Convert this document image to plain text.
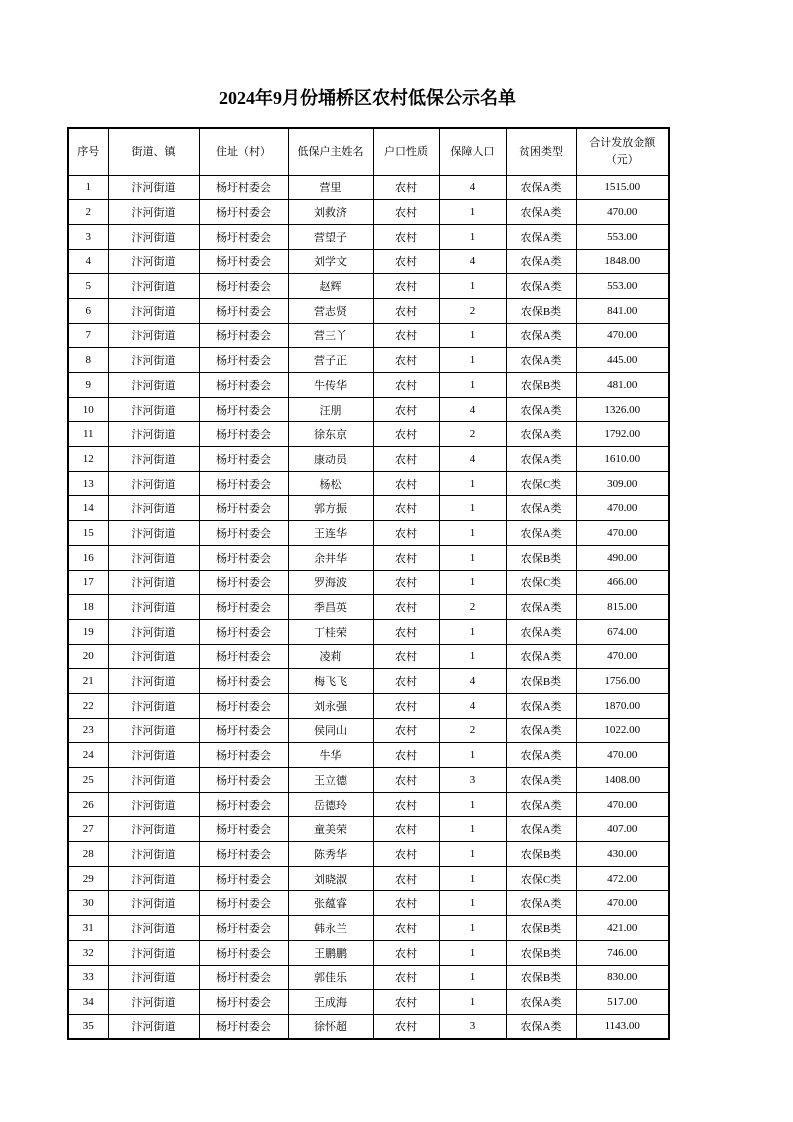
2024年9月份埇桥区农村低保公示名单
序号	街道、镇	住址（村）	低保户主姓名	户口性质	保障人口	贫困类型	合计发放金额（元）
1	汴河街道	杨圩村委会	营里	农村	4	农保A类	1515.00
2	汴河街道	杨圩村委会	刘救济	农村	1	农保A类	470.00
3	汴河街道	杨圩村委会	营望子	农村	1	农保A类	553.00
4	汴河街道	杨圩村委会	刘学文	农村	4	农保A类	1848.00
5	汴河街道	杨圩村委会	赵辉	农村	1	农保A类	553.00
6	汴河街道	杨圩村委会	营志贤	农村	2	农保B类	841.00
7	汴河街道	杨圩村委会	营三丫	农村	1	农保A类	470.00
8	汴河街道	杨圩村委会	营子正	农村	1	农保A类	445.00
9	汴河街道	杨圩村委会	牛传华	农村	1	农保B类	481.00
10	汴河街道	杨圩村委会	汪朋	农村	4	农保A类	1326.00
11	汴河街道	杨圩村委会	徐东京	农村	2	农保A类	1792.00
12	汴河街道	杨圩村委会	康动员	农村	4	农保A类	1610.00
13	汴河街道	杨圩村委会	杨松	农村	1	农保C类	309.00
14	汴河街道	杨圩村委会	郭方振	农村	1	农保A类	470.00
15	汴河街道	杨圩村委会	王连华	农村	1	农保A类	470.00
16	汴河街道	杨圩村委会	余井华	农村	1	农保B类	490.00
17	汴河街道	杨圩村委会	罗海波	农村	1	农保C类	466.00
18	汴河街道	杨圩村委会	季昌英	农村	2	农保A类	815.00
19	汴河街道	杨圩村委会	丁桂荣	农村	1	农保A类	674.00
20	汴河街道	杨圩村委会	凌莉	农村	1	农保A类	470.00
21	汴河街道	杨圩村委会	梅飞飞	农村	4	农保B类	1756.00
22	汴河街道	杨圩村委会	刘永强	农村	4	农保A类	1870.00
23	汴河街道	杨圩村委会	侯同山	农村	2	农保A类	1022.00
24	汴河街道	杨圩村委会	牛华	农村	1	农保A类	470.00
25	汴河街道	杨圩村委会	王立德	农村	3	农保A类	1408.00
26	汴河街道	杨圩村委会	岳德玲	农村	1	农保A类	470.00
27	汴河街道	杨圩村委会	童美荣	农村	1	农保A类	407.00
28	汴河街道	杨圩村委会	陈秀华	农村	1	农保B类	430.00
29	汴河街道	杨圩村委会	刘晓淑	农村	1	农保C类	472.00
30	汴河街道	杨圩村委会	张蕴睿	农村	1	农保A类	470.00
31	汴河街道	杨圩村委会	韩永兰	农村	1	农保B类	421.00
32	汴河街道	杨圩村委会	王鹏鹏	农村	1	农保B类	746.00
33	汴河街道	杨圩村委会	郭佳乐	农村	1	农保B类	830.00
34	汴河街道	杨圩村委会	王成海	农村	1	农保A类	517.00
35	汴河街道	杨圩村委会	徐怀超	农村	3	农保A类	1143.00
